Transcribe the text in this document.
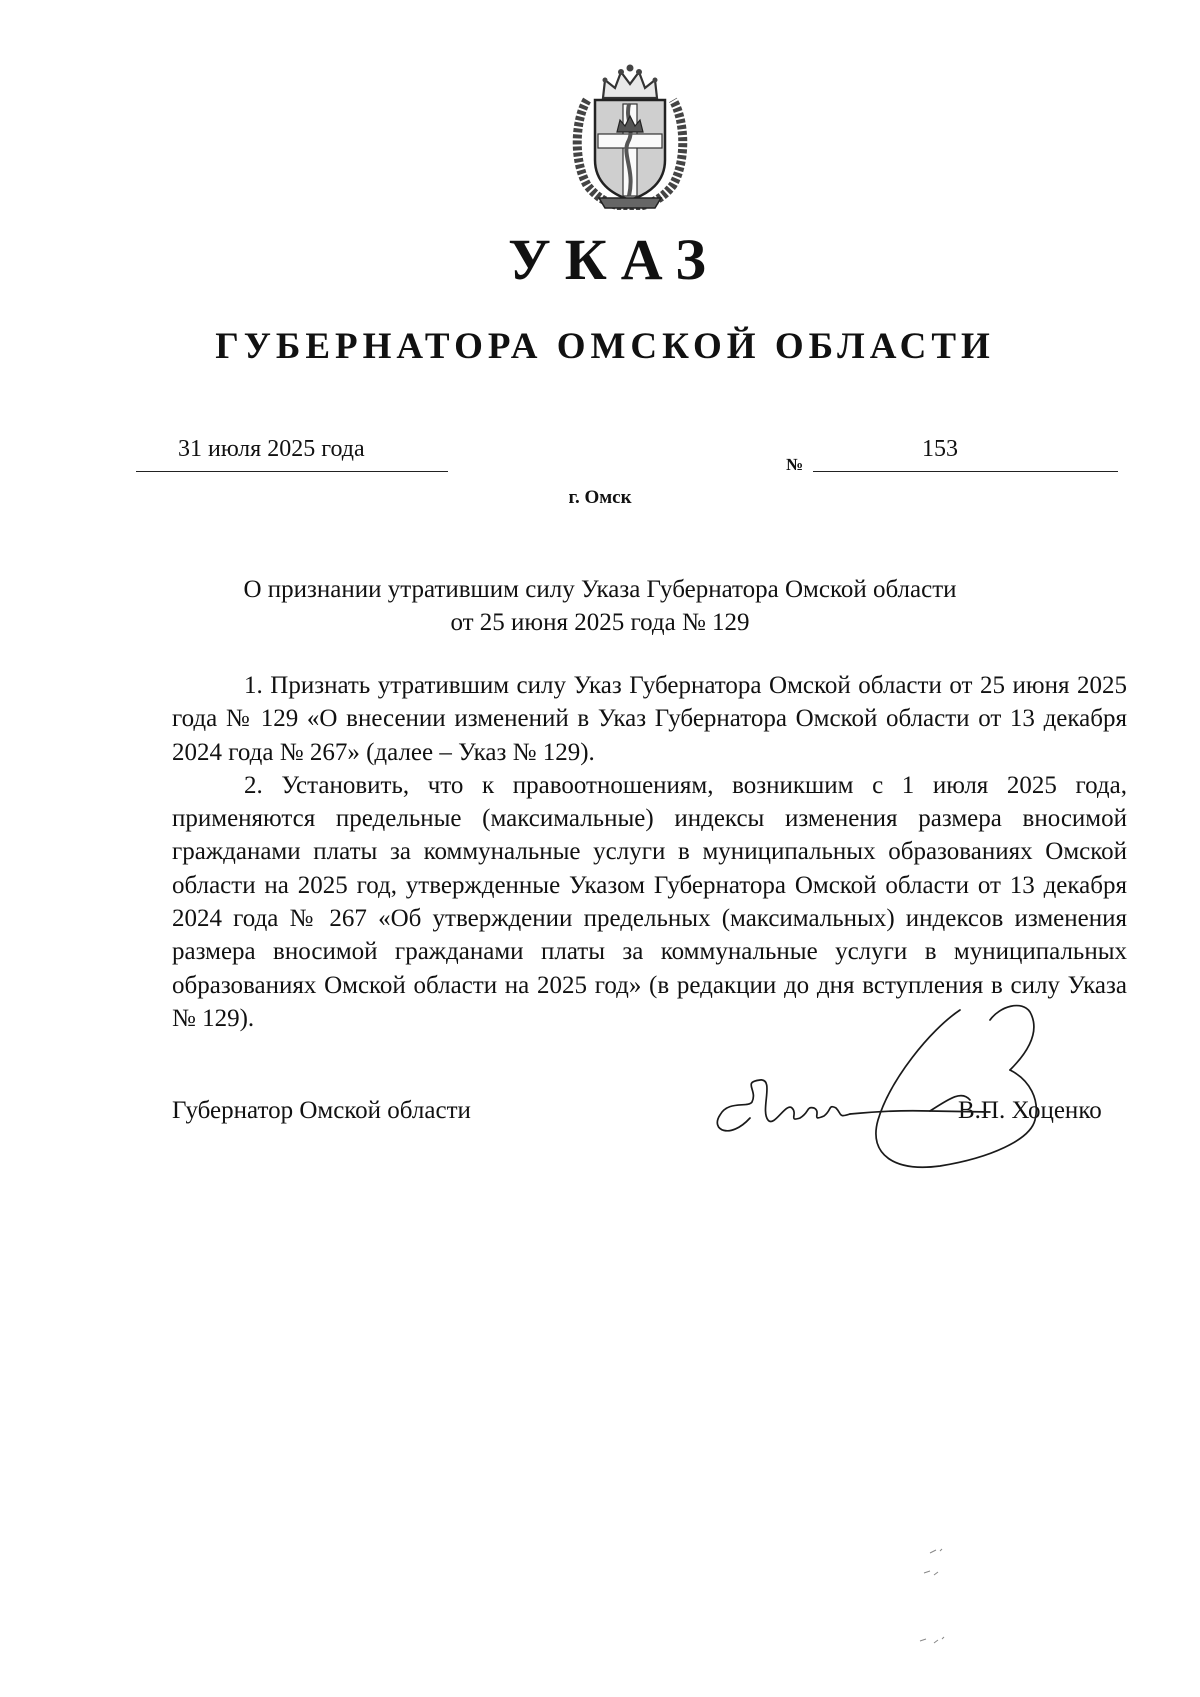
УКАЗ
ГУБЕРНАТОРА ОМСКОЙ ОБЛАСТИ
31 июля 2025 года
№
153
г. Омск
О признании утратившим силу Указа Губернатора Омской области
от 25 июня 2025 года № 129

1. Признать утратившим силу Указ Губернатора Омской области от 25 июня 2025 года № 129 «О внесении изменений в Указ Губернатора Омской области от 13 декабря 2024 года № 267» (далее – Указ № 129).

2. Установить, что к правоотношениям, возникшим с 1 июля 2025 года, применяются предельные (максимальные) индексы изменения размера вносимой гражданами платы за коммунальные услуги в муниципальных образованиях Омской области на 2025 год, утвержденные Указом Губернатора Омской области от 13 декабря 2024 года № 267 «Об утверждении предельных (максимальных) индексов изменения размера вносимой гражданами платы за коммунальные услуги в муниципальных образованиях Омской области на 2025 год» (в редакции до дня вступления в силу Указа № 129).

Губернатор Омской области	В.П. Хоценко
